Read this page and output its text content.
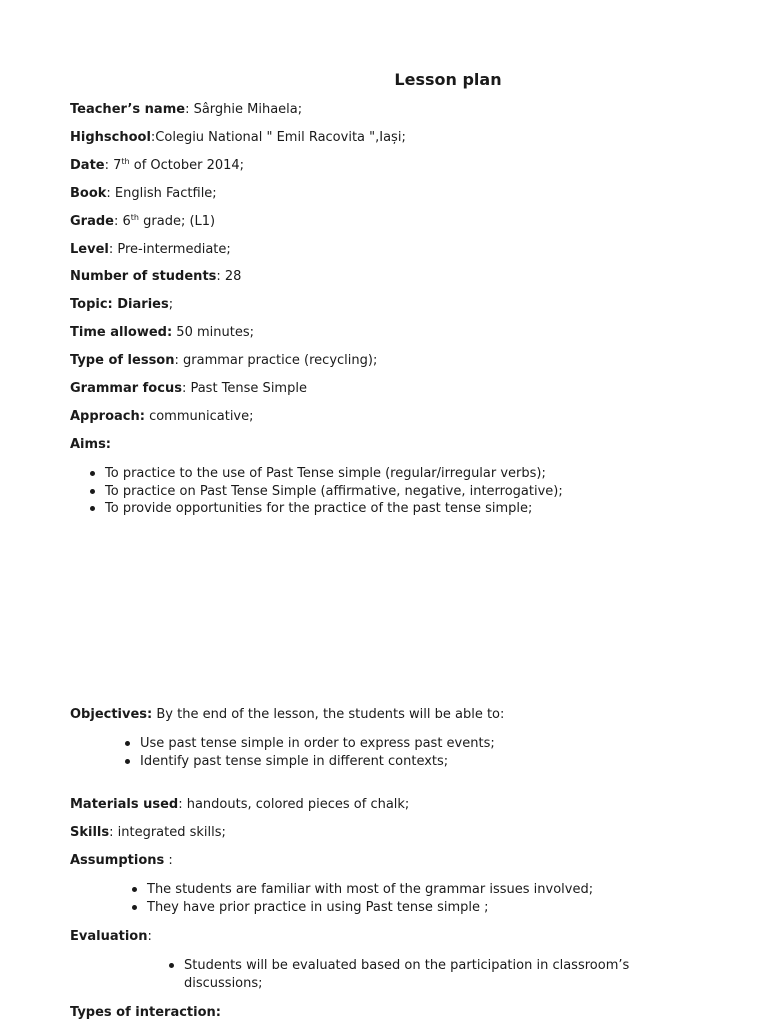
Lesson plan
Teacher’s name: Sârghie Mihaela;
Highschool:Colegiu National " Emil Racovita ",Iași;
Date: 7th of October 2014;
Book: English Factfile;
Grade: 6th grade; (L1)
Level: Pre-intermediate;
Number of students: 28
Topic: Diaries;
Time allowed: 50 minutes;
Type of lesson: grammar practice (recycling);
Grammar focus: Past Tense Simple
Approach: communicative;
Aims:
To practice to the use of Past Tense simple (regular/irregular verbs);
To practice on Past Tense Simple (affirmative, negative, interrogative);
To provide opportunities for the practice of the past tense simple;
Objectives: By the end of the lesson, the students will be able to:
Use past tense simple in order to express past events;
Identify past tense simple in different contexts;
Materials used: handouts, colored pieces of chalk;
Skills: integrated skills;
Assumptions :
The students are familiar with most of the grammar issues involved;
They have prior practice in using Past tense simple ;
Evaluation:
Students will be evaluated based on the participation in classroom’s discussions;
Types of interaction:
